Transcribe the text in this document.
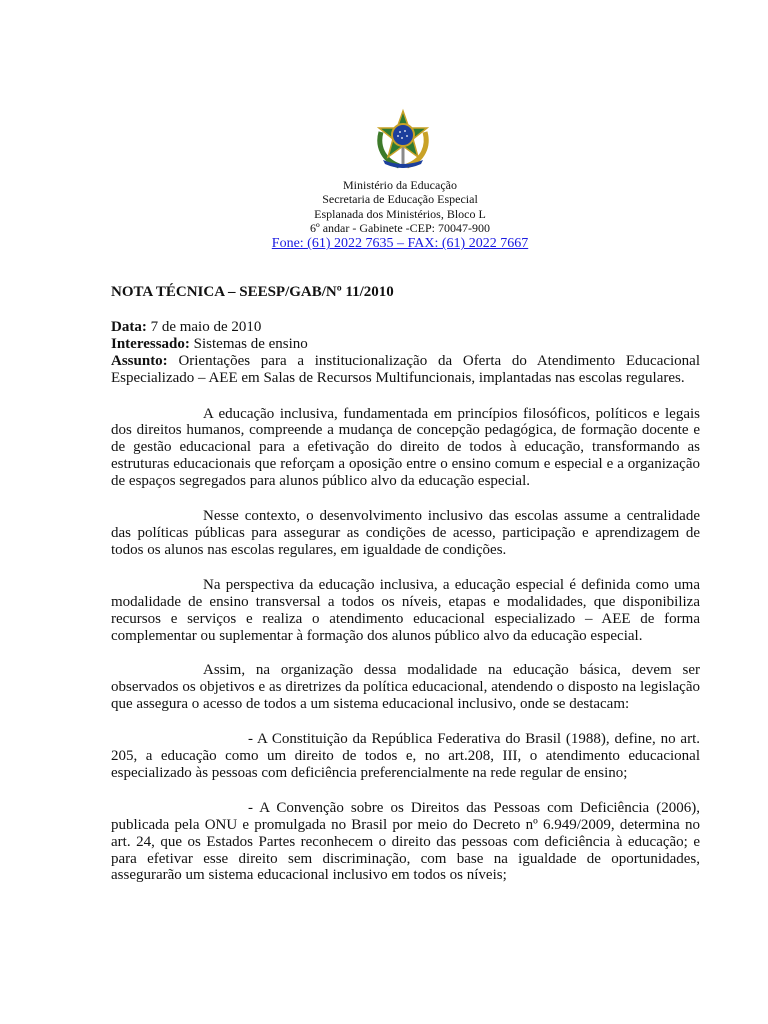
Ministério da Educação
Secretaria de Educação Especial
Esplanada dos Ministérios, Bloco L
6º andar - Gabinete -CEP: 70047-900
Fone: (61) 2022 7635 – FAX: (61) 2022 7667
NOTA TÉCNICA – SEESP/GAB/Nº 11/2010

Data: 7 de maio de 2010

Interessado: Sistemas de ensino

Assunto: Orientações para a institucionalização da Oferta do Atendimento Educacional Especializado – AEE em Salas de Recursos Multifuncionais, implantadas nas escolas regulares.

A educação inclusiva, fundamentada em princípios filosóficos, políticos e legais dos direitos humanos, compreende a mudança de concepção pedagógica, de formação docente e de gestão educacional para a efetivação do direito de todos à educação, transformando as estruturas educacionais que reforçam a oposição entre o ensino comum e especial e a organização de espaços segregados para alunos público alvo da educação especial.

Nesse contexto, o desenvolvimento inclusivo das escolas assume a centralidade das políticas públicas para assegurar as condições de acesso, participação e aprendizagem de todos os alunos nas escolas regulares, em igualdade de condições.

Na perspectiva da educação inclusiva, a educação especial é definida como uma modalidade de ensino transversal a todos os níveis, etapas e modalidades, que disponibiliza recursos e serviços e realiza o atendimento educacional especializado – AEE de forma complementar ou suplementar à formação dos alunos público alvo da educação especial.

Assim, na organização dessa modalidade na educação básica, devem ser observados os objetivos e as diretrizes da política educacional, atendendo o disposto na legislação que assegura o acesso de todos a um sistema educacional inclusivo, onde se destacam:

- A Constituição da República Federativa do Brasil (1988), define, no art. 205, a educação como um direito de todos e, no art.208, III, o atendimento educacional especializado às pessoas com deficiência preferencialmente na rede regular de ensino;

- A Convenção sobre os Direitos das Pessoas com Deficiência (2006), publicada pela ONU e promulgada no Brasil por meio do Decreto nº 6.949/2009, determina no art. 24, que os Estados Partes reconhecem o direito das pessoas com deficiência à educação; e para efetivar esse direito sem discriminação, com base na igualdade de oportunidades, assegurarão um sistema educacional inclusivo em todos os níveis;
